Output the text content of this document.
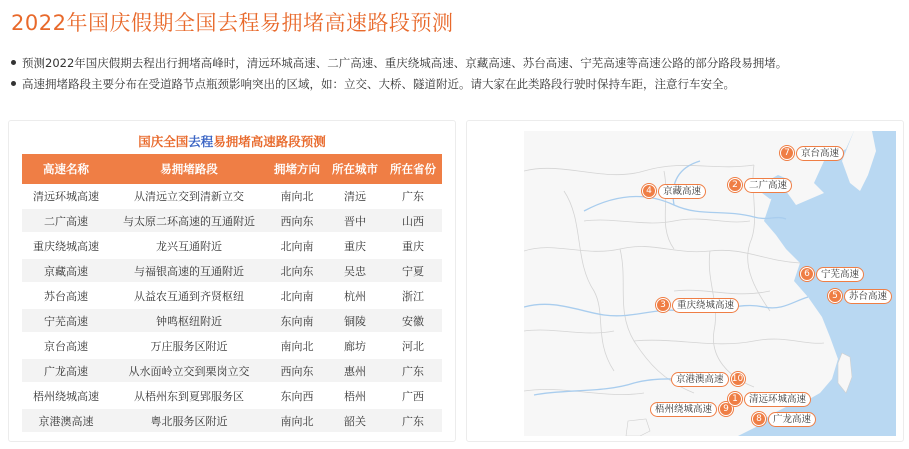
2022年国庆假期全国去程易拥堵高速路段预测
预测2022年国庆假期去程出行拥堵高峰时，清远环城高速、二广高速、重庆绕城高速、京藏高速、苏台高速、宁芜高速等高速公路的部分路段易拥堵。
高速拥堵路段主要分布在受道路节点瓶颈影响突出的区域，如：立交、大桥、隧道附近。请大家在此类路段行驶时保持车距，注意行车安全。
国庆全国去程易拥堵高速路段预测
高速名称	易拥堵路段	拥堵方向	所在城市	所在省份
清远环城高速	从清远立交到清新立交	南向北	清远	广东
二广高速	与太原二环高速的互通附近	西向东	晋中	山西
重庆绕城高速	龙兴互通附近	北向南	重庆	重庆
京藏高速	与福银高速的互通附近	北向东	吴忠	宁夏
苏台高速	从益农互通到齐贤枢纽	北向南	杭州	浙江
宁芜高速	钟鸣枢纽附近	东向南	铜陵	安徽
京台高速	万庄服务区附近	南向北	廊坊	河北
广龙高速	从水面岭立交到栗岗立交	西向东	惠州	广东
梧州绕城高速	从梧州东到夏郢服务区	东向西	梧州	广西
京港澳高速	粤北服务区附近	南向北	韶关	广东
梧州绕城高速	9
京港澳高速 10
1	清远环城高速
8	广龙高速
3	重庆绕城高速
4	京藏高速
2	二广高速
7	京台高速
6	宁芜高速
5	苏台高速
